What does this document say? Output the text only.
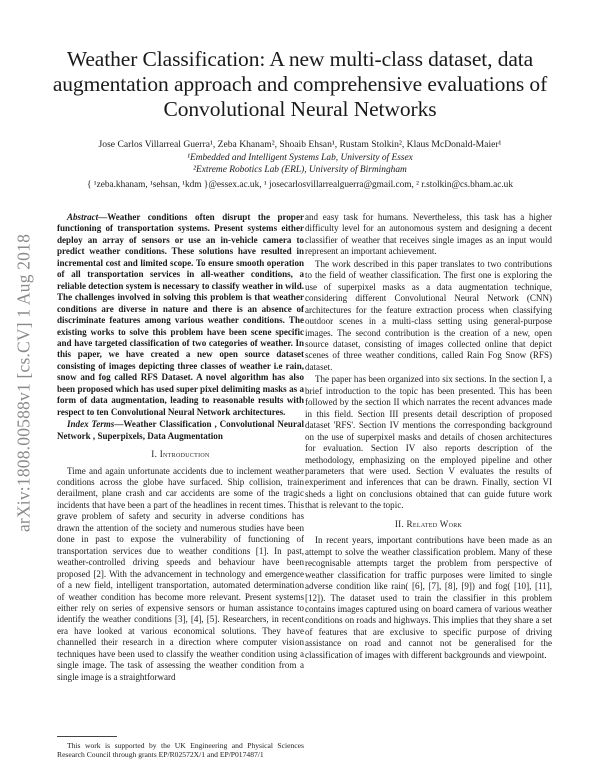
Weather Classification: A new multi-class dataset, data augmentation approach and comprehensive evaluations of Convolutional Neural Networks
Jose Carlos Villarreal Guerra¹, Zeba Khanam², Shoaib Ehsan¹, Rustam Stolkin², Klaus McDonald-Maier¹
¹Embedded and Intelligent Systems Lab, University of Essex
²Extreme Robotics Lab (ERL), University of Birmingham
{ ¹zeba.khanam, ¹sehsan, ¹kdm }@essex.ac.uk, ¹ josecarlosvillarrealguerra@gmail.com, ² r.stolkin@cs.bham.ac.uk
arXiv:1808.00588v1 [cs.CV] 1 Aug 2018

Abstract—Weather conditions often disrupt the proper functioning of transportation systems. Present systems either deploy an array of sensors or use an in-vehicle camera to predict weather conditions. These solutions have resulted in incremental cost and limited scope. To ensure smooth operation of all transportation services in all-weather conditions, a reliable detection system is necessary to classify weather in wild. The challenges involved in solving this problem is that weather conditions are diverse in nature and there is an absence of discriminate features among various weather conditions. The existing works to solve this problem have been scene specific and have targeted classification of two categories of weather. In this paper, we have created a new open source dataset consisting of images depicting three classes of weather i.e rain, snow and fog called RFS Dataset. A novel algorithm has also been proposed which has used super pixel delimiting masks as a form of data augmentation, leading to reasonable results with respect to ten Convolutional Neural Network architectures.

Index Terms—Weather Classification , Convolutional Neural Network , Superpixels, Data Augmentation

I. Introduction

Time and again unfortunate accidents due to inclement weather conditions across the globe have surfaced. Ship collision, train derailment, plane crash and car accidents are some of the tragic incidents that have been a part of the headlines in recent times. This grave problem of safety and security in adverse conditions has drawn the attention of the society and numerous studies have been done in past to expose the vulnerability of functioning of transportation services due to weather conditions [1]. In past, weather-controlled driving speeds and behaviour have been proposed [2]. With the advancement in technology and emergence of a new field, intelligent transportation, automated determination of weather condition has become more relevant. Present systems either rely on series of expensive sensors or human assistance to identify the weather conditions [3], [4], [5]. Researchers, in recent era have looked at various economical solutions. They have channelled their research in a direction where computer vision techniques have been used to classify the weather condition using a single image. The task of assessing the weather condition from a single image is a straightforward

This work is supported by the UK Engineering and Physical Sciences Research Council through grants EP/R02572X/1 and EP/P017487/1

and easy task for humans. Nevertheless, this task has a higher difficulty level for an autonomous system and designing a decent classifier of weather that receives single images as an input would represent an important achievement.

The work described in this paper translates to two contributions to the field of weather classification. The first one is exploring the use of superpixel masks as a data augmentation technique, considering different Convolutional Neural Network (CNN) architectures for the feature extraction process when classifying outdoor scenes in a multi-class setting using general-purpose images. The second contribution is the creation of a new, open source dataset, consisting of images collected online that depict scenes of three weather conditions, called Rain Fog Snow (RFS) dataset.

The paper has been organized into six sections. In the section I, a brief introduction to the topic has been presented. This has been followed by the section II which narrates the recent advances made in this field. Section III presents detail description of proposed dataset 'RFS'. Section IV mentions the corresponding background on the use of superpixel masks and details of chosen architectures for evaluation. Section IV also reports description of the methodology, emphasizing on the employed pipeline and other parameters that were used. Section V evaluates the results of experiment and inferences that can be drawn. Finally, section VI sheds a light on conclusions obtained that can guide future work that is relevant to the topic.

II. Related Work

In recent years, important contributions have been made as an attempt to solve the weather classification problem. Many of these recognisable attempts target the problem from perspective of weather classification for traffic purposes were limited to single adverse condition like rain( [6], [7], [8], [9]) and fog( [10], [11], [12]). The dataset used to train the classifier in this problem contains images captured using on board camera of various weather conditions on roads and highways. This implies that they share a set of features that are exclusive to specific purpose of driving assistance on road and cannot not be generalised for the classification of images with different backgrounds and viewpoint.
